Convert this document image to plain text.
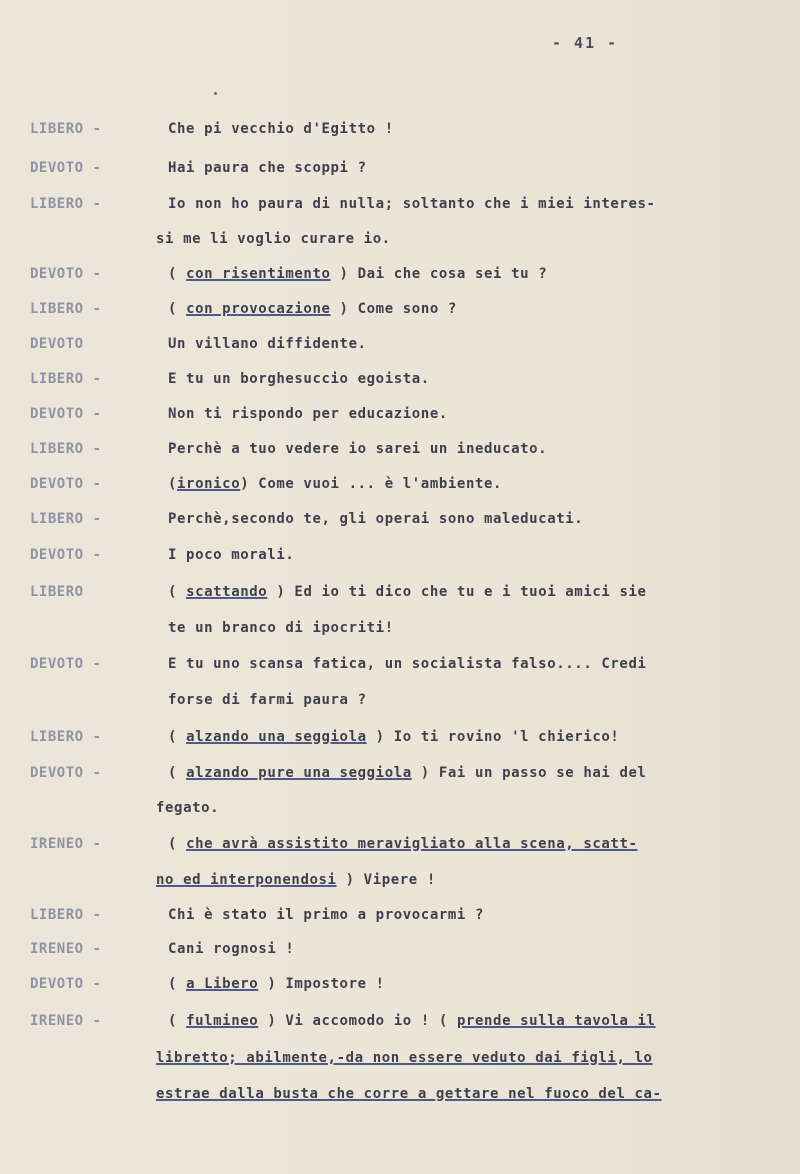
- 41 -
LIBERO -	Che pi vecchio d'Egitto !
DEVOTO -	Hai paura che scoppi ?
LIBERO -	Io non ho paura di nulla; soltanto che i miei interes-
si me li voglio curare io.
DEVOTO -	( con risentimento ) Dai che cosa sei tu ?
LIBERO -	( con provocazione ) Come sono ?
DEVOTO	Un villano diffidente.
LIBERO -	E tu un borghesuccio egoista.
DEVOTO -	Non ti rispondo per educazione.
LIBERO -	Perchè a tuo vedere io sarei un ineducato.
DEVOTO -	(ironico) Come vuoi ... è l'ambiente.
LIBERO -	Perchè,secondo te, gli operai sono maleducati.
DEVOTO -	I poco morali.
LIBERO	( scattando ) Ed io ti dico che tu e i tuoi amici sie
te un branco di ipocriti!
DEVOTO -	E tu uno scansa fatica, un socialista falso.... Credi
forse di farmi paura ?
LIBERO -	( alzando una seggiola ) Io ti rovino 'l chierico!
DEVOTO -	( alzando pure una seggiola ) Fai un passo se hai del
fegato.
IRENEO -	( che avrà assistito meravigliato alla scena, scatt-
no ed interponendosi ) Vipere !
LIBERO -	Chi è stato il primo a provocarmi ?
IRENEO -	Cani rognosi !
DEVOTO -	( a Libero ) Impostore !
IRENEO -	( fulmineo ) Vi accomodo io ! ( prende sulla tavola il
libretto; abilmente,-da non essere veduto dai figli, lo
estrae dalla busta che corre a gettare nel fuoco del ca-
